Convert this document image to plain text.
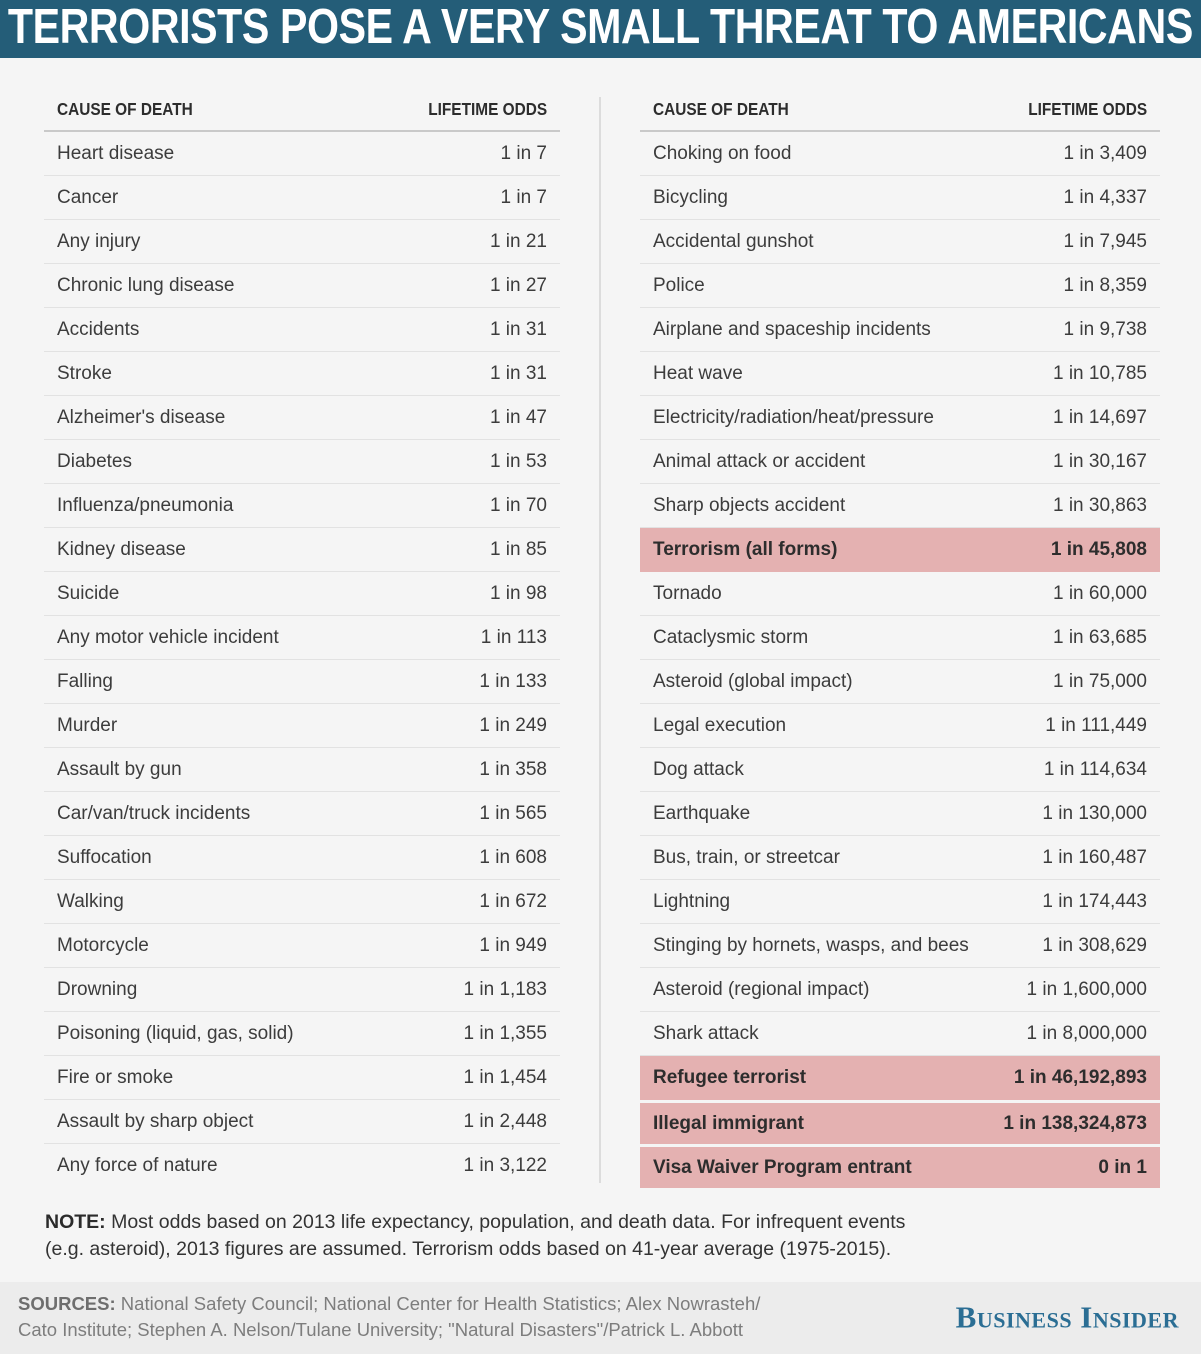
TERRORISTS POSE A VERY SMALL THREAT TO AMERICANS
CAUSE OF DEATH	LIFETIME ODDS
Heart disease	1 in 7
Cancer	1 in 7
Any injury	1 in 21
Chronic lung disease	1 in 27
Accidents	1 in 31
Stroke	1 in 31
Alzheimer's disease	1 in 47
Diabetes	1 in 53
Influenza/pneumonia	1 in 70
Kidney disease	1 in 85
Suicide	1 in 98
Any motor vehicle incident	1 in 113
Falling	1 in 133
Murder	1 in 249
Assault by gun	1 in 358
Car/van/truck incidents	1 in 565
Suffocation	1 in 608
Walking	1 in 672
Motorcycle	1 in 949
Drowning	1 in 1,183
Poisoning (liquid, gas, solid)	1 in 1,355
Fire or smoke	1 in 1,454
Assault by sharp object	1 in 2,448
Any force of nature	1 in 3,122
CAUSE OF DEATH	LIFETIME ODDS
Choking on food	1 in 3,409
Bicycling	1 in 4,337
Accidental gunshot	1 in 7,945
Police	1 in 8,359
Airplane and spaceship incidents	1 in 9,738
Heat wave	1 in 10,785
Electricity/radiation/heat/pressure	1 in 14,697
Animal attack or accident	1 in 30,167
Sharp objects accident	1 in 30,863
Terrorism (all forms)	1 in 45,808
Tornado	1 in 60,000
Cataclysmic storm	1 in 63,685
Asteroid (global impact)	1 in 75,000
Legal execution	1 in 111,449
Dog attack	1 in 114,634
Earthquake	1 in 130,000
Bus, train, or streetcar	1 in 160,487
Lightning	1 in 174,443
Stinging by hornets, wasps, and bees	1 in 308,629
Asteroid (regional impact)	1 in 1,600,000
Shark attack	1 in 8,000,000
Refugee terrorist	1 in 46,192,893
Illegal immigrant	1 in 138,324,873
Visa Waiver Program entrant	0 in 1
NOTE: Most odds based on 2013 life expectancy, population, and death data. For infrequent events
(e.g. asteroid), 2013 figures are assumed. Terrorism odds based on 41-year average (1975-2015).
SOURCES: National Safety Council; National Center for Health Statistics; Alex Nowrasteh/
Cato Institute; Stephen A. Nelson/Tulane University; "Natural Disasters"/Patrick L. Abbott	Business Insider
